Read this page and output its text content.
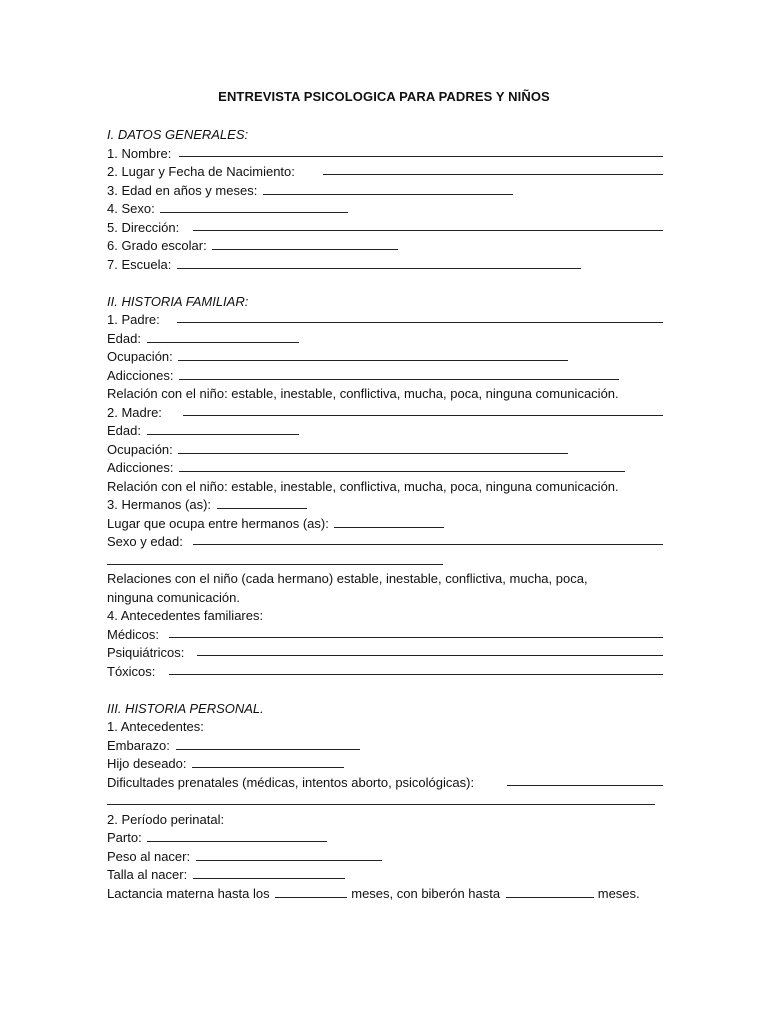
ENTREVISTA PSICOLOGICA PARA PADRES Y NIÑOS
I. DATOS GENERALES:
1. Nombre:
2. Lugar y Fecha de Nacimiento:
3. Edad en años y meses:
4. Sexo:
5. Dirección:
6. Grado escolar:
7. Escuela:
II. HISTORIA FAMILIAR:
1. Padre:
Edad:
Ocupación:
Adicciones:
Relación con el niño: estable, inestable, conflictiva, mucha, poca, ninguna comunicación.
2. Madre:
Edad:
Ocupación:
Adicciones:
Relación con el niño: estable, inestable, conflictiva, mucha, poca, ninguna comunicación.
3. Hermanos (as):
Lugar que ocupa entre hermanos (as):
Sexo y edad:
Relaciones con el niño (cada hermano) estable, inestable, conflictiva, mucha, poca,
ninguna comunicación.
4. Antecedentes familiares:
Médicos:
Psiquiátricos:
Tóxicos:
III. HISTORIA PERSONAL.
1. Antecedentes:
Embarazo:
Hijo deseado:
Dificultades prenatales (médicas, intentos aborto, psicológicas):
2. Período perinatal:
Parto:
Peso al nacer:
Talla al nacer:
Lactancia materna hasta los	meses, con biberón hasta	meses.
